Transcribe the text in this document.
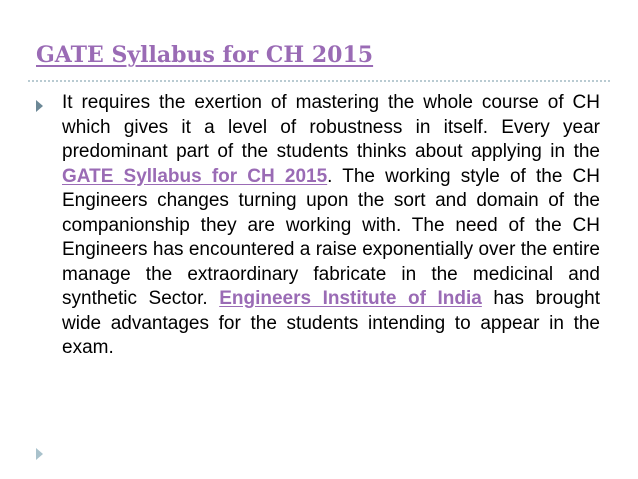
GATE Syllabus for CH 2015

It requires the exertion of mastering the whole course of CH which gives it a level of robustness in itself. Every year predominant part of the students thinks about applying in the GATE Syllabus for CH 2015. The working style of the CH Engineers changes turning upon the sort and domain of the companionship they are working with. The need of the CH Engineers has encountered a raise exponentially over the entire manage the extraordinary fabricate in the medicinal and synthetic Sector. Engineers Institute of India has brought wide advantages for the students intending to appear in the exam.
